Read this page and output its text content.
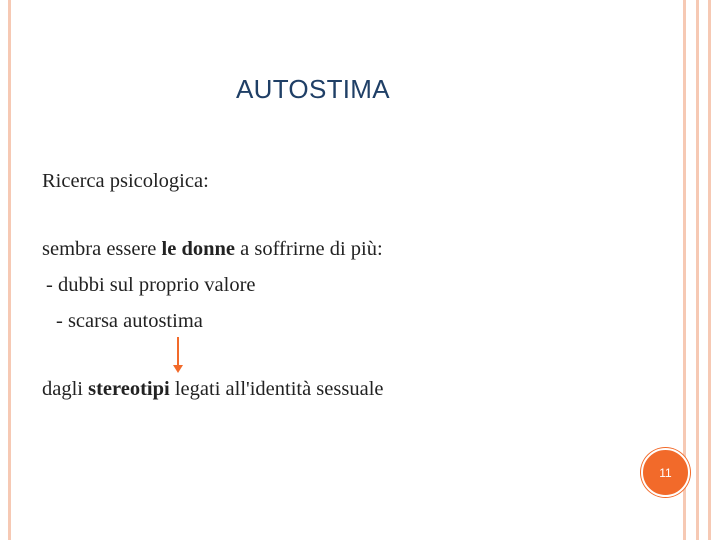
AUTOSTIMA
Ricerca psicologica:
sembra essere le donne a soffrirne di più:
- dubbi sul proprio valore
- scarsa autostima
dagli stereotipi legati all'identità sessuale
11
